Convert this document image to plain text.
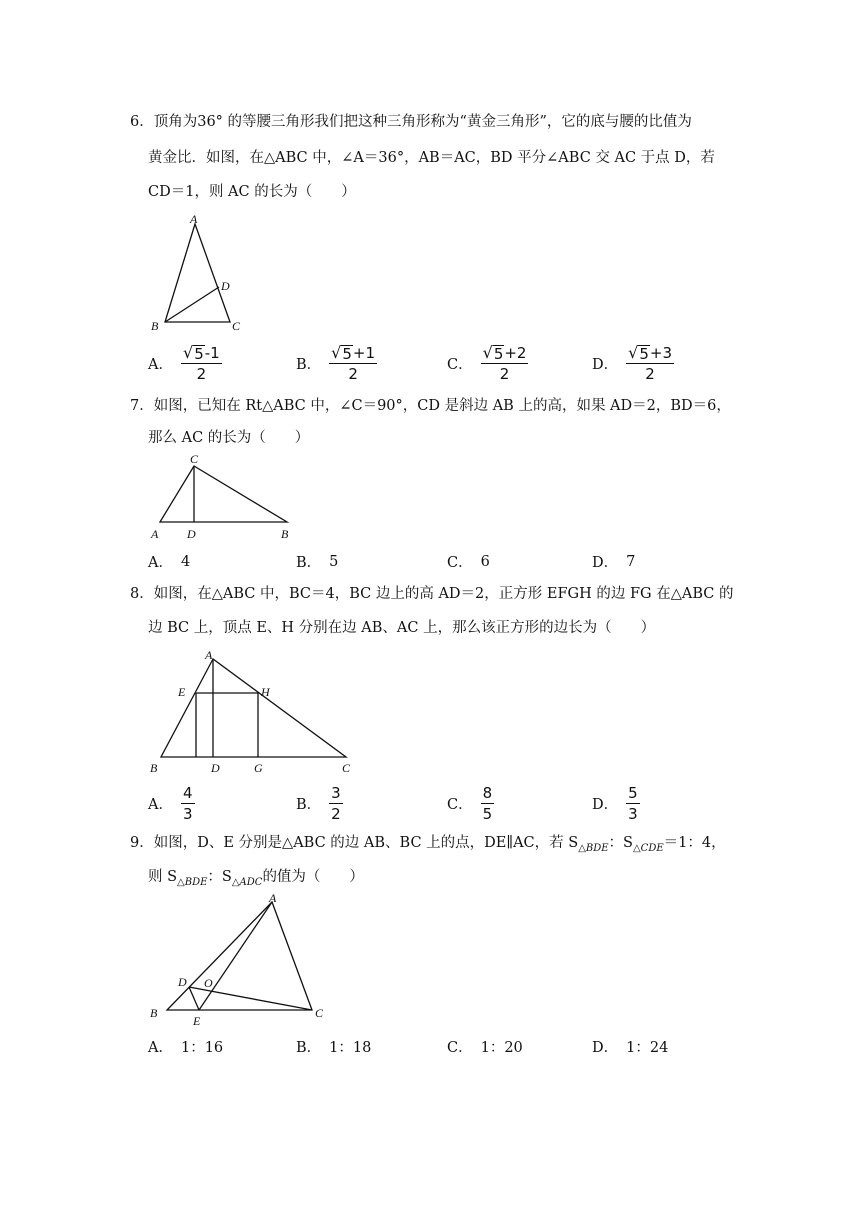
6．顶角为36° 的等腰三角形我们把这种三角形称为“黄金三角形”，它的底与腰的比值为
黄金比．如图，在△ABC 中，∠A＝36°，AB＝AC，BD 平分∠ABC 交 AC 于点 D，若
CD＝1，则 AC 的长为（　　）
A
B	C
D
A． $\frac{√ 5 -1}{2}$	B． $\frac{√ 5 +1}{2}$	C． $\frac{√ 5 +2}{2}$	D． $\frac{√ 5 +3}{2}$
7．如图，已知在 Rt△ABC 中，∠C＝90°，CD 是斜边 AB 上的高，如果 AD＝2，BD＝6，
那么 AC 的长为（　　）
C
A D	B
A． 4	B． 5	C． 6	D． 7
8．如图，在△ABC 中，BC＝4，BC 边上的高 AD＝2，正方形 EFGH 的边 FG 在△ABC 的
边 BC 上，顶点 E、H 分别在边 AB、AC 上，那么该正方形的边长为（　　）
A
E	H
B	D	G	C
A． $\frac{4}{3}$	B． $\frac{3}{2}$	C． $\frac{8}{5}$	D． $\frac{5}{3}$
9．如图，D、E 分别是△ABC 的边 AB、BC 上的点，DE∥AC，若 $S_{\triangle BDE}$：$S_{\triangle CDE}=1$：4，
则 $S_{\triangle BDE}$：$S_{\triangle ADC}$的值为（　　）
A
D O
B
E
C
A． 1：16	B． 1：18	C． 1：20	D． 1：24
